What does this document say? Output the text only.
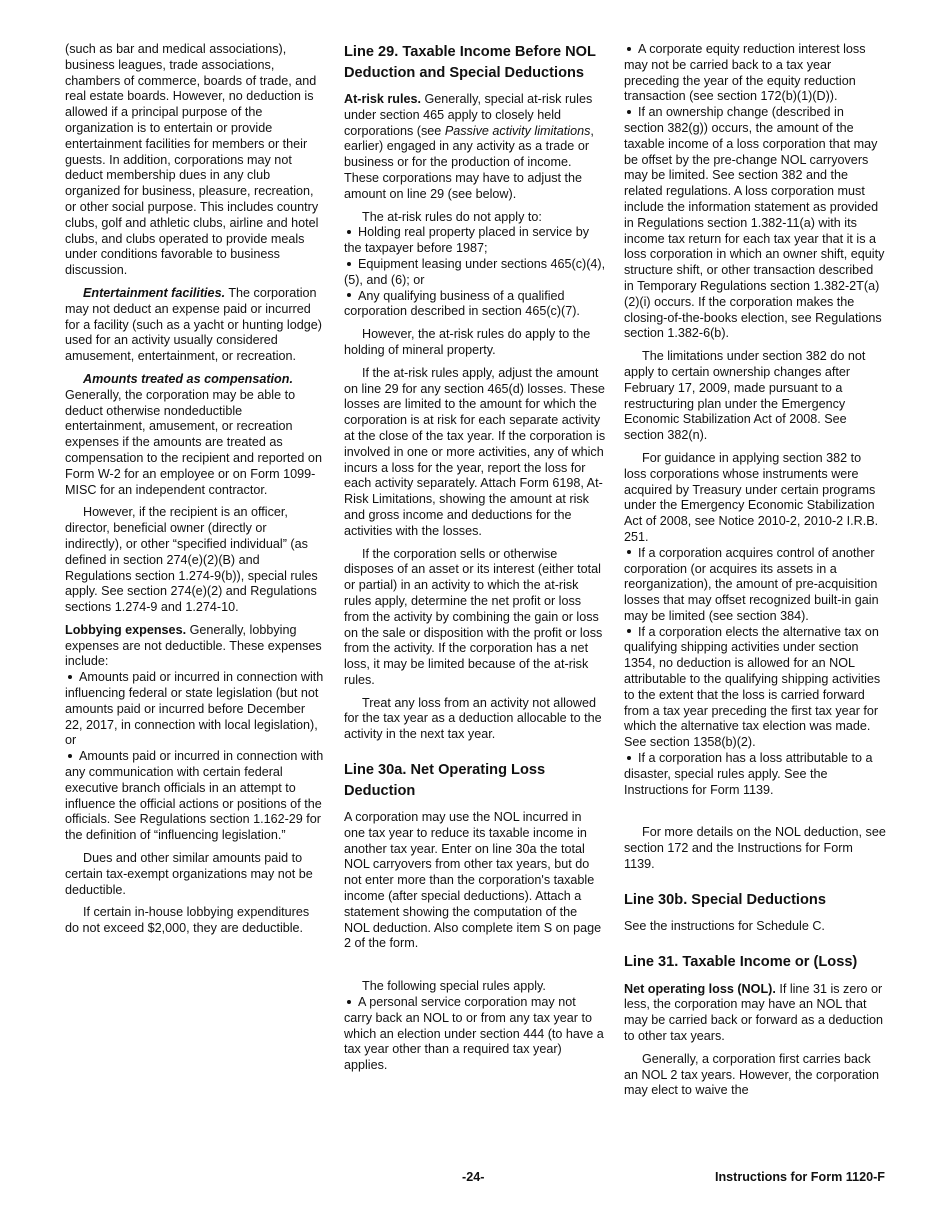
(such as bar and medical associations), business leagues, trade associations, chambers of commerce, boards of trade, and real estate boards. However, no deduction is allowed if a principal purpose of the organization is to entertain or provide entertainment facilities for members or their guests. In addition, corporations may not deduct membership dues in any club organized for business, pleasure, recreation, or other social purpose. This includes country clubs, golf and athletic clubs, airline and hotel clubs, and clubs operated to provide meals under conditions favorable to business discussion.

Entertainment facilities. The corporation may not deduct an expense paid or incurred for a facility (such as a yacht or hunting lodge) used for an activity usually considered amusement, entertainment, or recreation.

Amounts treated as compensation.

Generally, the corporation may be able to deduct otherwise nondeductible entertainment, amusement, or recreation expenses if the amounts are treated as compensation to the recipient and reported on Form W-2 for an employee or on Form 1099-MISC for an independent contractor.

However, if the recipient is an officer, director, beneficial owner (directly or indirectly), or other “specified individual” (as defined in section 274(e)(2)(B) and Regulations section 1.274-9(b)), special rules apply. See section 274(e)(2) and Regulations sections 1.274-9 and 1.274-10.

Lobbying expenses. Generally, lobbying expenses are not deductible. These expenses include:

Amounts paid or incurred in connection with influencing federal or state legislation (but not amounts paid or incurred before December 22, 2017, in connection with local legislation), or

Amounts paid or incurred in connection with any communication with certain federal executive branch officials in an attempt to influence the official actions or positions of the officials. See Regulations section 1.162-29 for the definition of “influencing legislation.”

Dues and other similar amounts paid to certain tax-exempt organizations may not be deductible.

If certain in-house lobbying expenditures do not exceed $2,000, they are deductible.

Line 29. Taxable Income Before NOL Deduction and Special Deductions

At-risk rules. Generally, special at-risk rules under section 465 apply to closely held corporations (see Passive activity limitations, earlier) engaged in any activity as a trade or business or for the production of income. These corporations may have to adjust the amount on line 29 (see below).

The at-risk rules do not apply to:

Holding real property placed in service by the taxpayer before 1987;

Equipment leasing under sections 465(c)(4), (5), and (6); or

Any qualifying business of a qualified corporation described in section 465(c)(7).

However, the at-risk rules do apply to the holding of mineral property.

If the at-risk rules apply, adjust the amount on line 29 for any section 465(d) losses. These losses are limited to the amount for which the corporation is at risk for each separate activity at the close of the tax year. If the corporation is involved in one or more activities, any of which incurs a loss for the year, report the loss for each activity separately. Attach Form 6198, At-Risk Limitations, showing the amount at risk and gross income and deductions for the activities with the losses.

If the corporation sells or otherwise disposes of an asset or its interest (either total or partial) in an activity to which the at-risk rules apply, determine the net profit or loss from the activity by combining the gain or loss on the sale or disposition with the profit or loss from the activity. If the corporation has a net loss, it may be limited because of the at-risk rules.

Treat any loss from an activity not allowed for the tax year as a deduction allocable to the activity in the next tax year.

Line 30a. Net Operating Loss Deduction

A corporation may use the NOL incurred in one tax year to reduce its taxable income in another tax year. Enter on line 30a the total NOL carryovers from other tax years, but do not enter more than the corporation's taxable income (after special deductions). Attach a statement showing the computation of the NOL deduction. Also complete item S on page 2 of the form.

The following special rules apply.

A personal service corporation may not carry back an NOL to or from any tax year to which an election under section 444 (to have a tax year other than a required tax year) applies.

A corporate equity reduction interest loss may not be carried back to a tax year preceding the year of the equity reduction transaction (see section 172(b)(1)(D)).

If an ownership change (described in section 382(g)) occurs, the amount of the taxable income of a loss corporation that may be offset by the pre-change NOL carryovers may be limited. See section 382 and the related regulations. A loss corporation must include the information statement as provided in Regulations section 1.382-11(a) with its income tax return for each tax year that it is a loss corporation in which an owner shift, equity structure shift, or other transaction described in Temporary Regulations section 1.382-2T(a)(2)(i) occurs. If the corporation makes the closing-of-the-books election, see Regulations section 1.382-6(b).

The limitations under section 382 do not apply to certain ownership changes after February 17, 2009, made pursuant to a restructuring plan under the Emergency Economic Stabilization Act of 2008. See section 382(n).

For guidance in applying section 382 to loss corporations whose instruments were acquired by Treasury under certain programs under the Emergency Economic Stabilization Act of 2008, see Notice 2010-2, 2010-2 I.R.B. 251.

If a corporation acquires control of another corporation (or acquires its assets in a reorganization), the amount of pre-acquisition losses that may offset recognized built-in gain may be limited (see section 384).

If a corporation elects the alternative tax on qualifying shipping activities under section 1354, no deduction is allowed for an NOL attributable to the qualifying shipping activities to the extent that the loss is carried forward from a tax year preceding the first tax year for which the alternative tax election was made. See section 1358(b)(2).

If a corporation has a loss attributable to a disaster, special rules apply. See the Instructions for Form 1139.

For more details on the NOL deduction, see section 172 and the Instructions for Form 1139.

Line 30b. Special Deductions

See the instructions for Schedule C.

Line 31. Taxable Income or (Loss)

Net operating loss (NOL). If line 31 is zero or less, the corporation may have an NOL that may be carried back or forward as a deduction to other tax years.

Generally, a corporation first carries back an NOL 2 tax years. However, the corporation may elect to waive the

-24-	Instructions for Form 1120-F
